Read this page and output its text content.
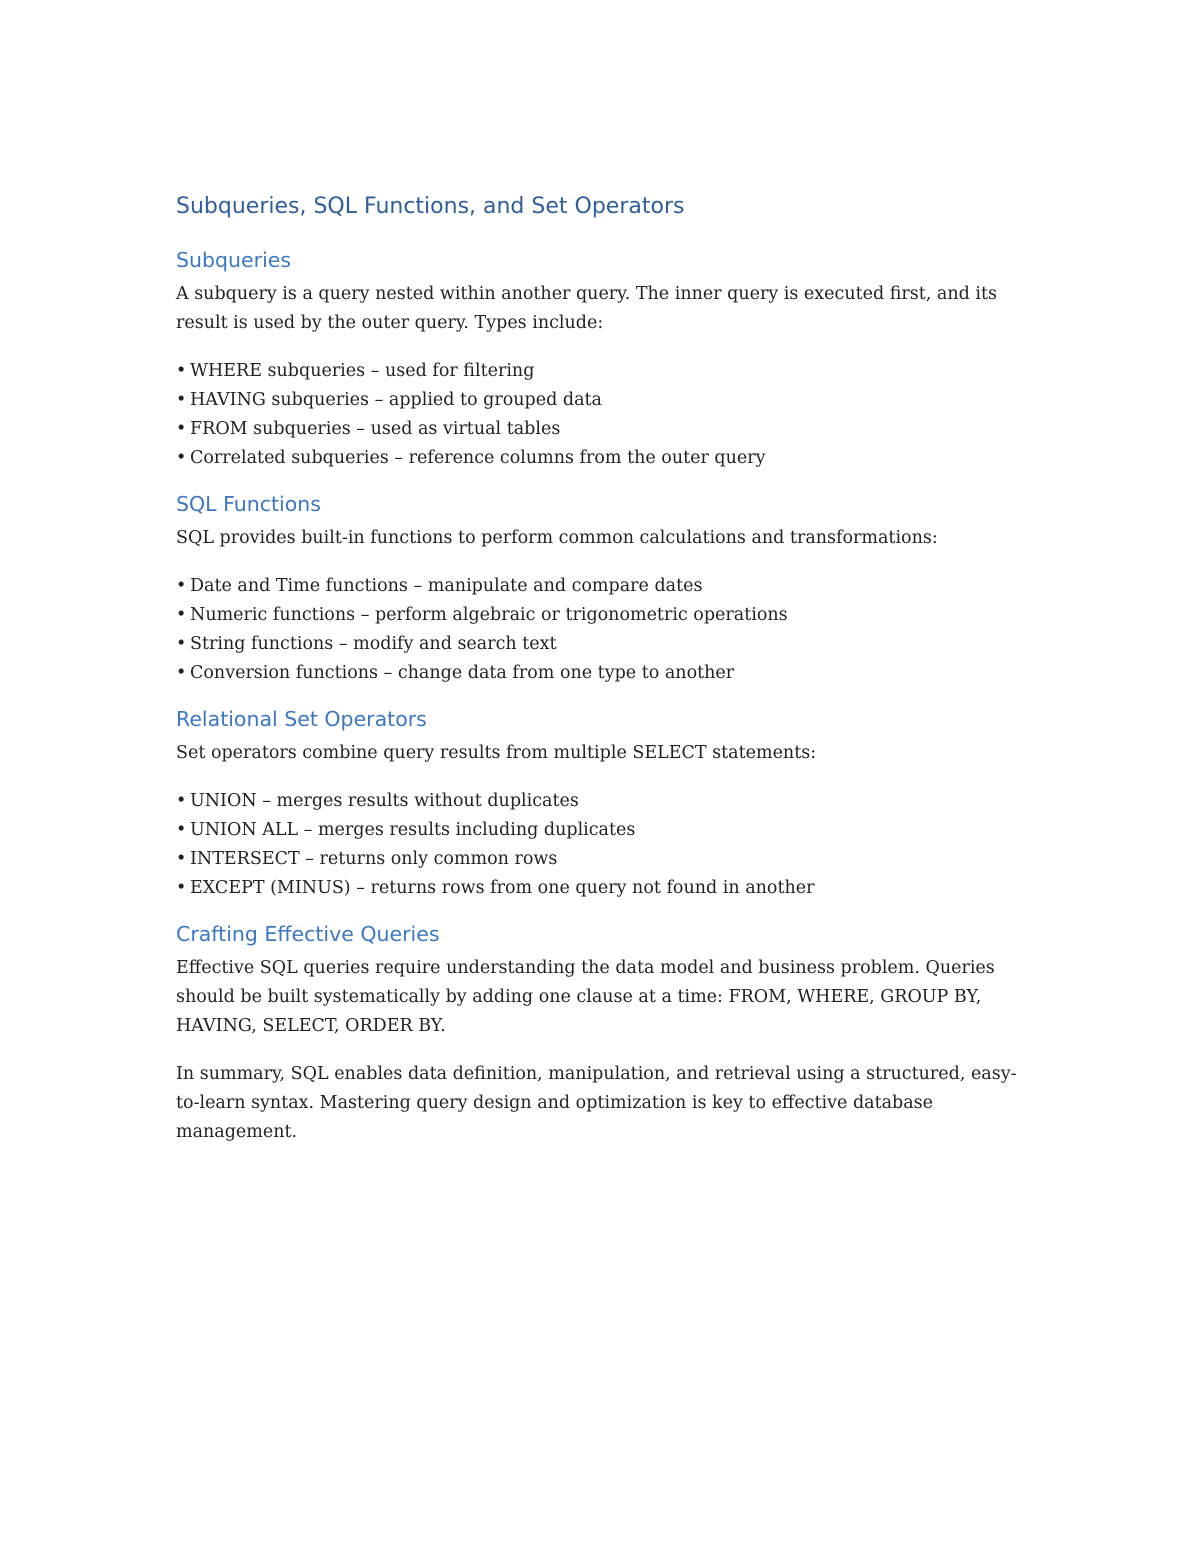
Subqueries, SQL Functions, and Set Operators
Subqueries

A subquery is a query nested within another query. The inner query is executed first, and its result is used by the outer query. Types include:

• WHERE subqueries – used for filtering
• HAVING subqueries – applied to grouped data
• FROM subqueries – used as virtual tables
• Correlated subqueries – reference columns from the outer query
SQL Functions

SQL provides built-in functions to perform common calculations and transformations:

• Date and Time functions – manipulate and compare dates
• Numeric functions – perform algebraic or trigonometric operations
• String functions – modify and search text
• Conversion functions – change data from one type to another
Relational Set Operators

Set operators combine query results from multiple SELECT statements:

• UNION – merges results without duplicates
• UNION ALL – merges results including duplicates
• INTERSECT – returns only common rows
• EXCEPT (MINUS) – returns rows from one query not found in another
Crafting Effective Queries

Effective SQL queries require understanding the data model and business problem. Queries should be built systematically by adding one clause at a time: FROM, WHERE, GROUP BY, HAVING, SELECT, ORDER BY.

In summary, SQL enables data definition, manipulation, and retrieval using a structured, easy-to-learn syntax. Mastering query design and optimization is key to effective database management.
